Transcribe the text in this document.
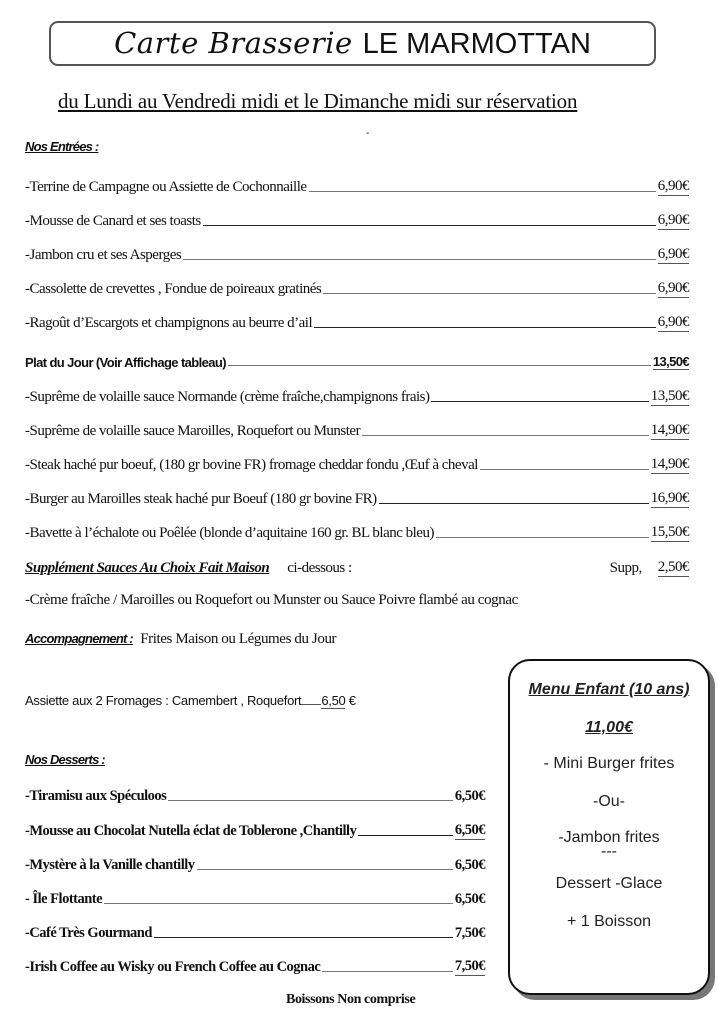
Carte Brasserie LE MARMOTTAN
du Lundi au Vendredi midi et le Dimanche midi sur réservation
-
Nos Entrées :
-Terrine de Campagne ou Assiette de Cochonnaille	6,90€
-Mousse de Canard et ses toasts	6,90€
-Jambon cru et ses Asperges	6,90€
-Cassolette de crevettes , Fondue de poireaux gratinés	6,90€
-Ragoût d’Escargots et champignons au beurre d’ail	6,90€
Plat du Jour (Voir Affichage tableau)	13,50€
-Suprême de volaille sauce Normande (crème fraîche,champignons frais)	13,50€
-Suprême de volaille sauce Maroilles, Roquefort ou Munster	14,90€
-Steak haché pur boeuf, (180 gr bovine FR) fromage cheddar fondu ,Œuf à cheval	14,90€
-Burger au Maroilles steak haché pur Boeuf (180 gr bovine FR)	16,90€
-Bavette à l’échalote ou Poêlée (blonde d’aquitaine 160 gr. BL blanc bleu)	15,50€
Supplément Sauces Au Choix Fait Maison ci-dessous :	Supp, 2,50€
-Crème fraîche / Maroilles ou Roquefort ou Munster ou Sauce Poivre flambé au cognac
Accompagnement : Frites Maison ou Légumes du Jour
Assiette aux 2 Fromages : Camembert , Roquefort 6,50 €
Nos Desserts :
-Tiramisu aux Spéculoos	6,50€
-Mousse au Chocolat Nutella éclat de Toblerone ,Chantilly	6,50€
-Mystère à la Vanille chantilly	6,50€
- Île Flottante	6,50€
-Café Très Gourmand	7,50€
-Irish Coffee au Wisky ou French Coffee au Cognac	7,50€
Boissons Non comprise
Menu Enfant (10 ans)
11,00€
- Mini Burger frites
-Ou-
-Jambon frites
---
Dessert -Glace
+ 1 Boisson
